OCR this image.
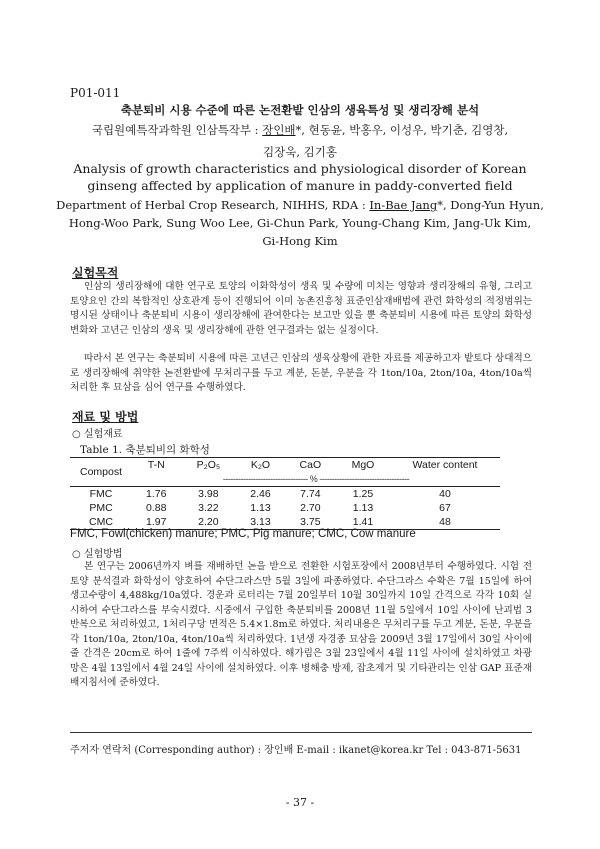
P01-011
축분퇴비 시용 수준에 따른 논전환밭 인삼의 생육특성 및 생리장해 분석
국립원예특작과학원 인삼특작부 : 장인배*, 현동윤, 박홍우, 이성우, 박기춘, 김영창,
김장욱, 김기홍
Analysis of growth characteristics and physiological disorder of Korean
ginseng affected by application of manure in paddy-converted field
Department of Herbal Crop Research, NIHHS, RDA : In-Bae Jang*, Dong-Yun Hyun,
Hong-Woo Park, Sung Woo Lee, Gi-Chun Park, Young-Chang Kim, Jang-Uk Kim,
Gi-Hong Kim
실험목적
인삼의 생리장해에 대한 연구로 토양의 이화학성이 생육 및 수량에 미치는 영향과 생리장해의 유형, 그리고 토양요인 간의 복합적인 상호관계 등이 진행되어 이미 농촌진흥청 표준인삼재배법에 관련 화학성의 적정범위는 명시된 상태이나 축분퇴비 시용이 생리장해에 관여한다는 보고만 있을 뿐 축분퇴비 시용에 따른 토양의 화학성변화와 고년근 인삼의 생육 및 생리장해에 관한 연구결과는 없는 실정이다.
따라서 본 연구는 축분퇴비 시용에 따른 고년근 인삼의 생육상황에 관한 자료를 제공하고자 밭토다 상대적으로 생리장해에 취약한 논전환밭에 무처리구를 두고 계분, 돈분, 우분을 각 1ton/10a, 2ton/10a, 4ton/10a씩 처리한 후 묘삼을 심어 연구를 수행하였다.
재료 및 방법
○ 실험재료
Table 1. 축분퇴비의 화학성
Compost	T-N	P₂O₅	K₂O	CaO	MgO	Water content
	---------------------------------- % ------------------------------------					
FMC	1.76	3.98	2.46	7.74	1.25	40
PMC	0.88	3.22	1.13	2.70	1.13	67
CMC	1.97	2.20	3.13	3.75	1.41	48
FMC, Fowl(chicken) manure; PMC, Pig manure; CMC, Cow manure
○ 실험방법
본 연구는 2006년까지 벼를 재배하던 논을 받으로 전환한 시험포장에서 2008년부터 수행하였다. 시험 전 토양 분석결과 화학성이 양호하여 수단그라스만 5월 3일에 파종하였다. 수단그라스 수확은 7월 15일에 하여 생고수량이 4,488kg/10a였다. 경운과 로터리는 7월 20일부터 10월 30일까지 10일 간격으로 각각 10회 실시하여 수단그라스를 부숙시켰다. 시중에서 구입한 축분퇴비를 2008년 11월 5일에서 10일 사이에 난괴법 3반복으로 처리하였고, 1처리구당 면적은 5.4×1.8m로 하였다. 처리내용은 무처리구를 두고 계분, 돈분, 우분을 각 1ton/10a, 2ton/10a, 4ton/10a씩 처리하였다. 1년생 자경종 묘삼을 2009년 3월 17일에서 30일 사이에 줄 간격은 20cm로 하여 1줄에 7주씩 이식하였다. 해가림은 3월 23일에서 4월 11일 사이에 설치하였고 차광망은 4월 13일에서 4월 24일 사이에 설치하였다. 이후 병해충 방제, 잡초제거 및 기타관리는 인삼 GAP 표준재배지침서에 준하였다.
주저자 연락처 (Corresponding author) : 장인배 E-mail : ikanet@korea.kr Tel : 043-871-5631
- 37 -
